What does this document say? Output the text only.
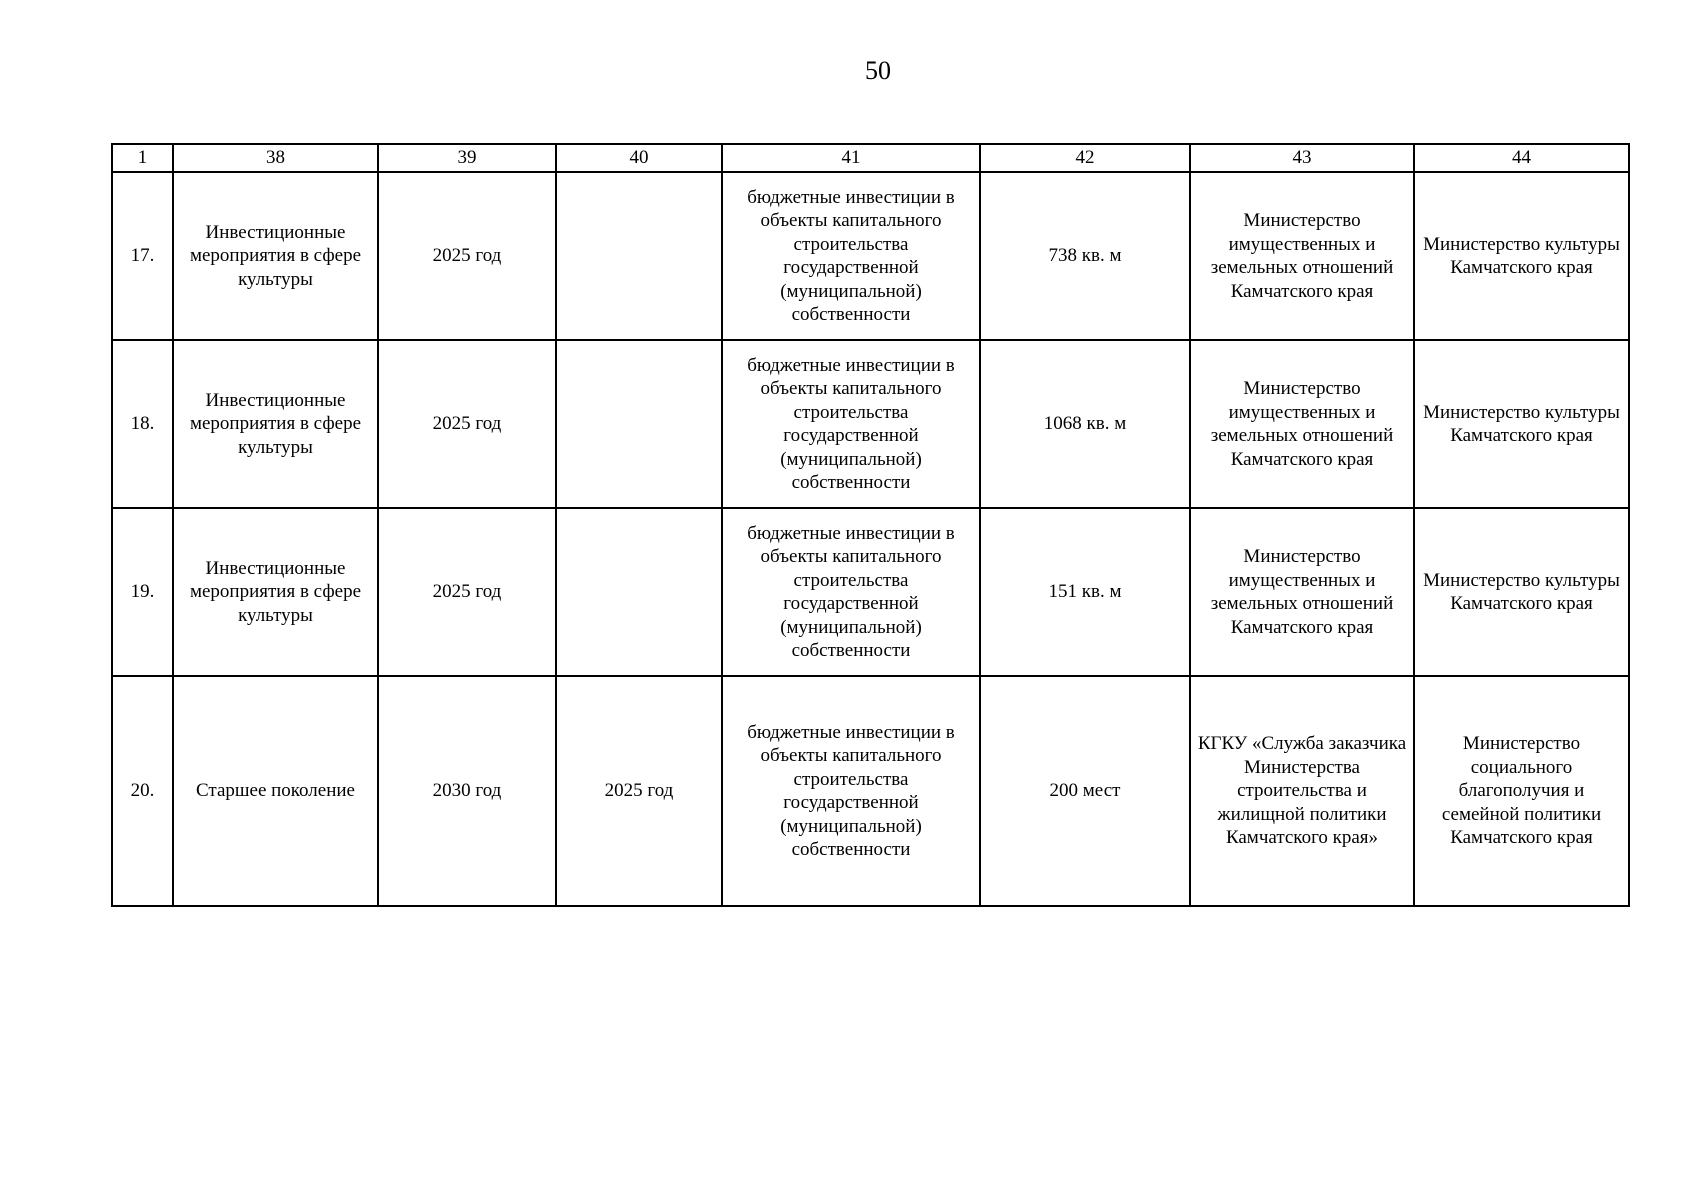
50
1	38	39	40	41	42	43	44
17.	Инвестиционные мероприятия в сфере культуры	2025 год		бюджетные инвестиции в объекты капитального строительства государственной (муниципальной) собственности	738 кв. м	Министерство имущественных и земельных отношений Камчатского края	Министерство культуры Камчатского края
18.	Инвестиционные мероприятия в сфере культуры	2025 год		бюджетные инвестиции в объекты капитального строительства государственной (муниципальной) собственности	1068 кв. м	Министерство имущественных и земельных отношений Камчатского края	Министерство культуры Камчатского края
19.	Инвестиционные мероприятия в сфере культуры	2025 год		бюджетные инвестиции в объекты капитального строительства государственной (муниципальной) собственности	151 кв. м	Министерство имущественных и земельных отношений Камчатского края	Министерство культуры Камчатского края
20.	Старшее поколение	2030 год	2025 год	бюджетные инвестиции в объекты капитального строительства государственной (муниципальной) собственности	200 мест	КГКУ «Служба заказчика Министерства строительства и жилищной политики Камчатского края»	Министерство социального благополучия и семейной политики Камчатского края
